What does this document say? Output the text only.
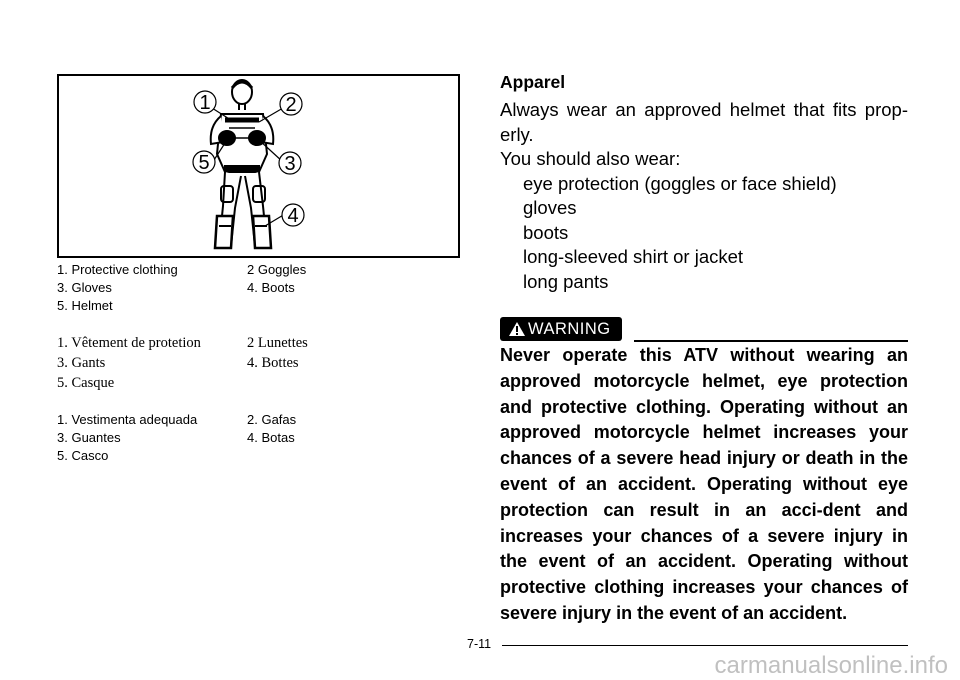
1	2
3
4
5
1. Protective clothing	2 Goggles
3. Gloves	4. Boots
5. Helmet
1. Vêtement de protetion	2 Lunettes
3. Gants	4. Bottes
5. Casque
1. Vestimenta adequada	2. Gafas
3. Guantes	4. Botas
5. Casco
Apparel

Always wear an approved helmet that fits prop-erly.

You should also wear:

eye protection (goggles or face shield)

gloves

boots

long-sleeved shirt or jacket

long pants

WARNING

Never operate this ATV without wearing an approved motorcycle helmet, eye protection and protective clothing. Operating without an approved motorcycle helmet increases your chances of a severe head injury or death in the event of an accident. Operating without eye protection can result in an acci-dent and increases your chances of a severe injury in the event of an accident. Operating without protective clothing increases your chances of severe injury in the event of an accident.

7-11
carmanualsonline.info
